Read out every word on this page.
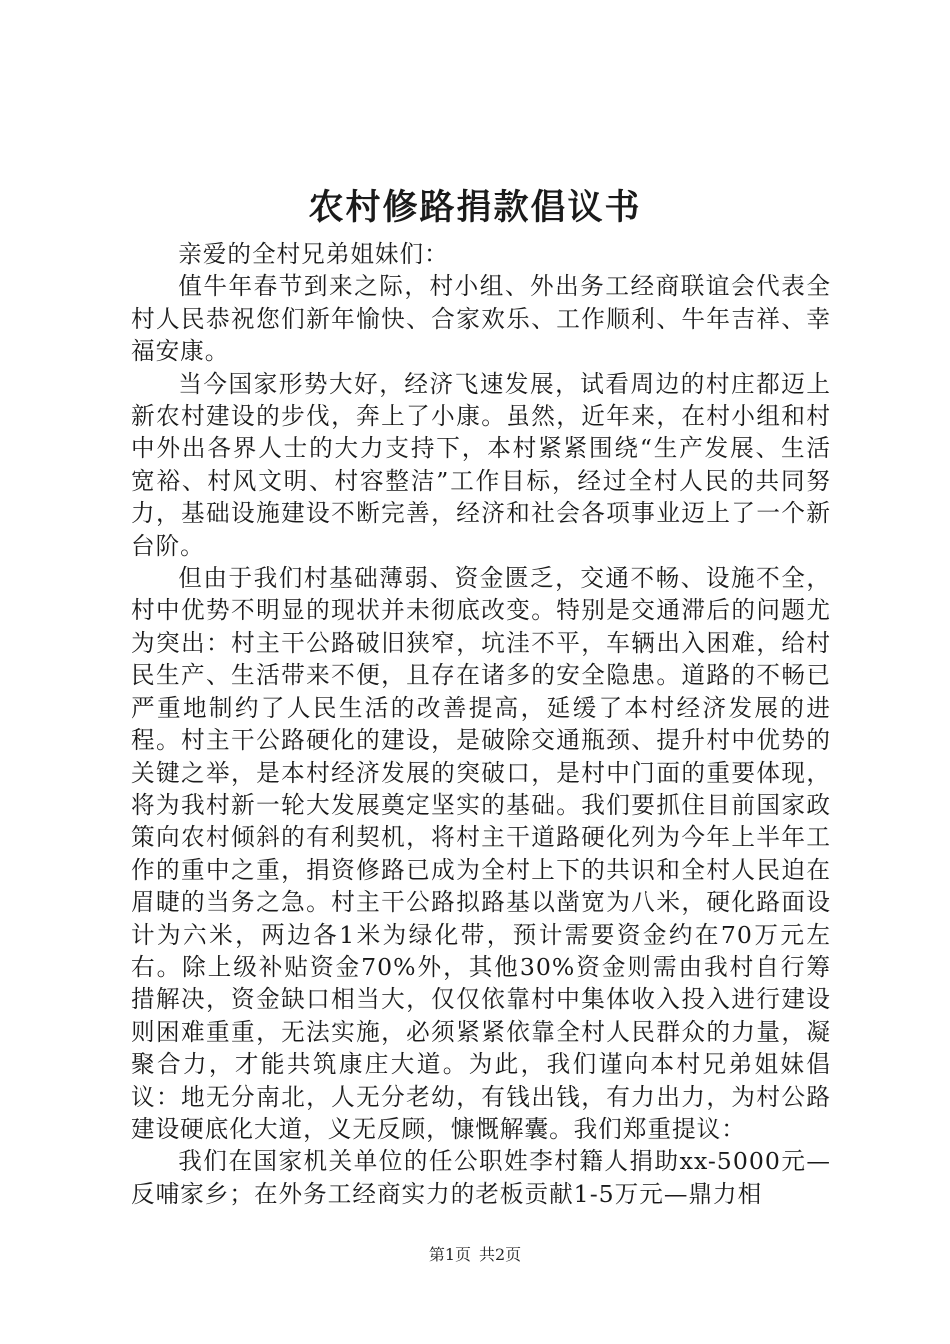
农村修路捐款倡议书

亲爱的全村兄弟姐妹们：

值牛年春节到来之际，村小组、外出务工经商联谊会代表全村人民恭祝您们新年愉快、合家欢乐、工作顺利、牛年吉祥、幸福安康。

当今国家形势大好，经济飞速发展，试看周边的村庄都迈上新农村建设的步伐，奔上了小康。虽然，近年来，在村小组和村中外出各界人士的大力支持下，本村紧紧围绕“生产发展、生活宽裕、村风文明、村容整洁”工作目标，经过全村人民的共同努力，基础设施建设不断完善，经济和社会各项事业迈上了一个新台阶。

但由于我们村基础薄弱、资金匮乏，交通不畅、设施不全，村中优势不明显的现状并未彻底改变。特别是交通滞后的问题尤为突出：村主干公路破旧狭窄，坑洼不平，车辆出入困难，给村民生产、生活带来不便，且存在诸多的安全隐患。道路的不畅已严重地制约了人民生活的改善提高，延缓了本村经济发展的进程。村主干公路硬化的建设，是破除交通瓶颈、提升村中优势的关键之举，是本村经济发展的突破口，是村中门面的重要体现，将为我村新一轮大发展奠定坚实的基础。我们要抓住目前国家政策向农村倾斜的有利契机，将村主干道路硬化列为今年上半年工作的重中之重，捐资修路已成为全村上下的共识和全村人民迫在眉睫的当务之急。村主干公路拟路基以凿宽为八米，硬化路面设计为六米，两边各1米为绿化带，预计需要资金约在70万元左右。除上级补贴资金70%外，其他30%资金则需由我村自行筹措解决，资金缺口相当大，仅仅依靠村中集体收入投入进行建设则困难重重，无法实施，必须紧紧依靠全村人民群众的力量，凝聚合力，才能共筑康庄大道。为此，我们谨向本村兄弟姐妹倡议：地无分南北，人无分老幼，有钱出钱，有力出力，为村公路建设硬底化大道，义无反顾，慷慨解囊。我们郑重提议：

我们在国家机关单位的任公职姓李村籍人捐助xx-5000元—反哺家乡；在外务工经商实力的老板贡献1-5万元—鼎力相

第1页 共2页
